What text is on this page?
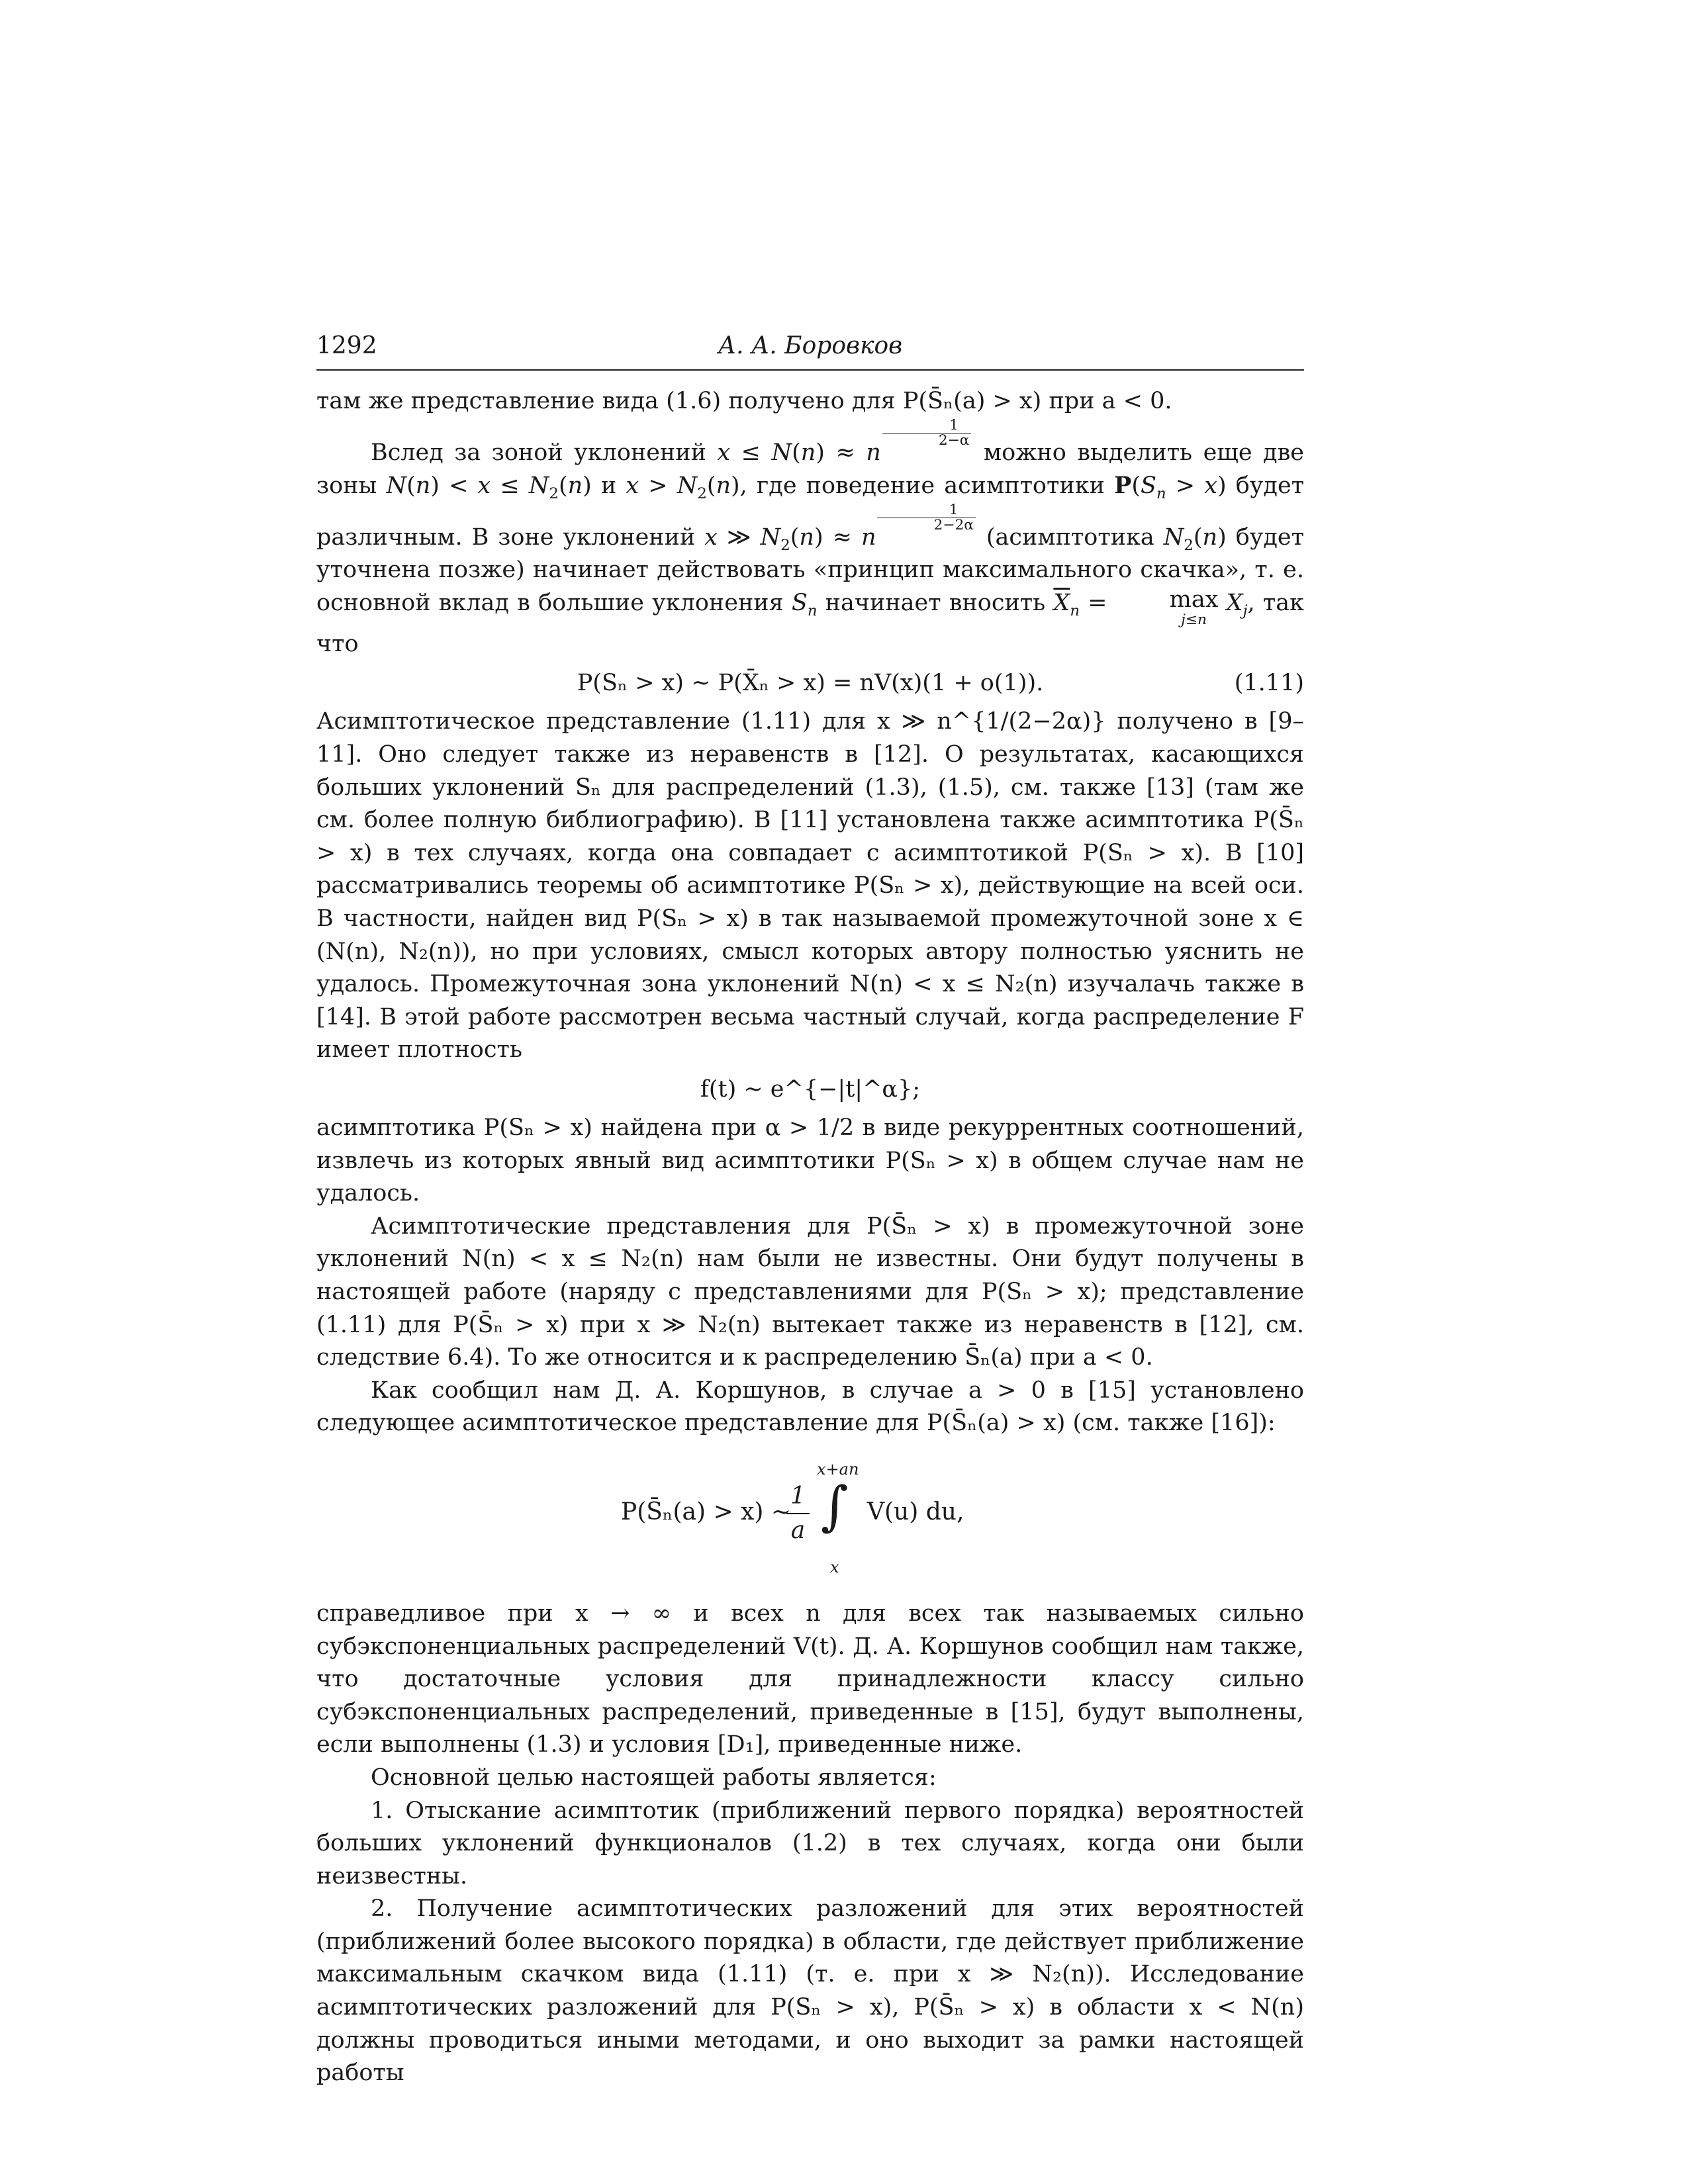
1292	А. А. Боровков

там же представление вида (1.6) получено для P(S̄ₙ(a) > x) при a < 0.

Вслед за зоной уклонений x ≤ N(n) ≈ n
$\frac{1}{2-\alpha}$
можно выделить еще две зоны $N(n) < x \le N_2(n)$ и $x > N_2(n)$, где поведение асимптотики $P(S_n > x)$ будет различным. В зоне уклонений x ≫ $N_2(n) \approx n$
$\frac{1}{2-2\alpha}$
(асимптотика $N_2(n)$ будет уточнена позже) начинает действовать «принцип максимального скачка», т. е. основной вклад в большие уклонения $S_n$ начинает вносить $\overline{X}_n = \max$
j≤n
$X_j$, так что

P(Sₙ > x) ∼ P(X̄ₙ > x) = nV(x)(1 + o(1)).	(1.11)

Асимптотическое представление (1.11) для x ≫ n^{1/(2−2α)} получено в [9–11]. Оно следует также из неравенств в [12]. О результатах, касающихся больших уклонений Sₙ для распределений (1.3), (1.5), см. также [13] (там же см. более полную библиографию). В [11] установлена также асимптотика P(S̄ₙ > x) в тех случаях, когда она совпадает с асимптотикой P(Sₙ > x). В [10] рассматривались теоремы об асимптотике P(Sₙ > x), действующие на всей оси. В частности, найден вид P(Sₙ > x) в так называемой промежуточной зоне x ∈ (N(n), N₂(n)), но при условиях, смысл которых автору полностью уяснить не удалось. Промежуточная зона уклонений N(n) < x ≤ N₂(n) изучалачь также в [14]. В этой работе рассмотрен весьма частный случай, когда распределение F имеет плотность

f(t) ∼ e^{−|t|^α};

асимптотика P(Sₙ > x) найдена при α > 1/2 в виде рекуррентных соотношений, извлечь из которых явный вид асимптотики P(Sₙ > x) в общем случае нам не удалось.

Асимптотические представления для P(S̄ₙ > x) в промежуточной зоне уклонений N(n) < x ≤ N₂(n) нам были не известны. Они будут получены в настоящей работе (наряду с представлениями для P(Sₙ > x); представление (1.11) для P(S̄ₙ > x) при x ≫ N₂(n) вытекает также из неравенств в [12], см. следствие 6.4). То же относится и к распределению S̄ₙ(a) при a < 0.

Как сообщил нам Д. А. Коршунов, в случае a > 0 в [15] установлено следующее асимптотическое представление для P(S̄ₙ(a) > x) (см. также [16]):

P(S̄ₙ(a) > x) ∼
$\frac{1}{a}$
x+an
∫
x
V(u) du,

справедливое при x → ∞ и всех n для всех так называемых сильно субэкспоненциальных распределений V(t). Д. А. Коршунов сообщил нам также, что достаточные условия для принадлежности классу сильно субэкспоненциальных распределений, приведенные в [15], будут выполнены, если выполнены (1.3) и условия [D₁], приведенные ниже.

Основной целью настоящей работы является:

1. Отыскание асимптотик (приближений первого порядка) вероятностей больших уклонений функционалов (1.2) в тех случаях, когда они были неизвестны.

2. Получение асимптотических разложений для этих вероятностей (приближений более высокого порядка) в области, где действует приближение максимальным скачком вида (1.11) (т. е. при x ≫ N₂(n)). Исследование асимптотических разложений для P(Sₙ > x), P(S̄ₙ > x) в области x < N(n) должны проводиться иными методами, и оно выходит за рамки настоящей работы
